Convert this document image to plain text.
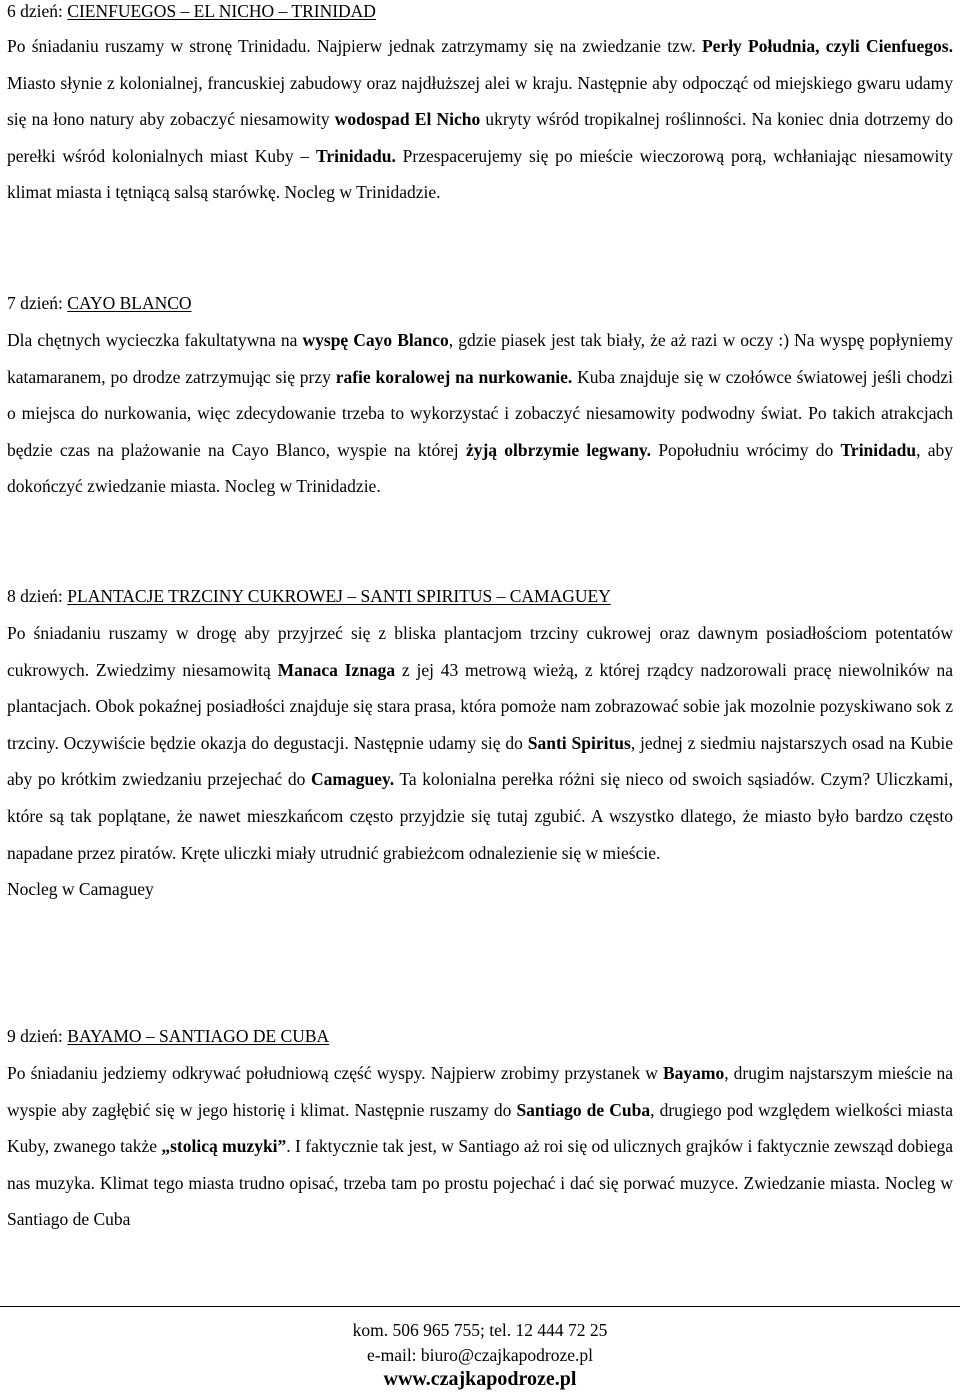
6 dzień: CIENFUEGOS – EL NICHO – TRINIDAD

Po śniadaniu ruszamy w stronę Trinidadu. Najpierw jednak zatrzymamy się na zwiedzanie tzw. Perły Południa, czyli Cienfuegos. Miasto słynie z kolonialnej, francuskiej zabudowy oraz najdłuższej alei w kraju. Następnie aby odpocząć od miejskiego gwaru udamy się na łono natury aby zobaczyć niesamowity wodospad El Nicho ukryty wśród tropikalnej roślinności. Na koniec dnia dotrzemy do perełki wśród kolonialnych miast Kuby – Trinidadu. Przespacerujemy się po mieście wieczorową porą, wchłaniając niesamowity klimat miasta i tętniącą salsą starówkę. Nocleg w Trinidadzie.

7 dzień: CAYO BLANCO

Dla chętnych wycieczka fakultatywna na wyspę Cayo Blanco, gdzie piasek jest tak biały, że aż razi w oczy :) Na wyspę popłyniemy katamaranem, po drodze zatrzymując się przy rafie koralowej na nurkowanie. Kuba znajduje się w czołówce światowej jeśli chodzi o miejsca do nurkowania, więc zdecydowanie trzeba to wykorzystać i zobaczyć niesamowity podwodny świat. Po takich atrakcjach będzie czas na plażowanie na Cayo Blanco, wyspie na której żyją olbrzymie legwany. Popołudniu wrócimy do Trinidadu, aby dokończyć zwiedzanie miasta. Nocleg w Trinidadzie.

8 dzień: PLANTACJE TRZCINY CUKROWEJ – SANTI SPIRITUS – CAMAGUEY

Po śniadaniu ruszamy w drogę aby przyjrzeć się z bliska plantacjom trzciny cukrowej oraz dawnym posiadłościom potentatów cukrowych. Zwiedzimy niesamowitą Manaca Iznaga z jej 43 metrową wieżą, z której rządcy nadzorowali pracę niewolników na plantacjach. Obok pokaźnej posiadłości znajduje się stara prasa, która pomoże nam zobrazować sobie jak mozolnie pozyskiwano sok z trzciny. Oczywiście będzie okazja do degustacji. Następnie udamy się do Santi Spiritus, jednej z siedmiu najstarszych osad na Kubie aby po krótkim zwiedzaniu przejechać do Camaguey. Ta kolonialna perełka różni się nieco od swoich sąsiadów. Czym? Uliczkami, które są tak poplątane, że nawet mieszkańcom często przyjdzie się tutaj zgubić. A wszystko dlatego, że miasto było bardzo często napadane przez piratów. Kręte uliczki miały utrudnić grabieżcom odnalezienie się w mieście.

Nocleg w Camaguey

9 dzień: BAYAMO – SANTIAGO DE CUBA

Po śniadaniu jedziemy odkrywać południową część wyspy. Najpierw zrobimy przystanek w Bayamo, drugim najstarszym mieście na wyspie aby zagłębić się w jego historię i klimat. Następnie ruszamy do Santiago de Cuba, drugiego pod względem wielkości miasta Kuby, zwanego także „stolicą muzyki”. I faktycznie tak jest, w Santiago aż roi się od ulicznych grajków i faktycznie zewsząd dobiega nas muzyka. Klimat tego miasta trudno opisać, trzeba tam po prostu pojechać i dać się porwać muzyce. Zwiedzanie miasta. Nocleg w Santiago de Cuba

kom. 506 965 755; tel. 12 444 72 25
e-mail: biuro@czajkapodroze.pl
www.czajkapodroze.pl
